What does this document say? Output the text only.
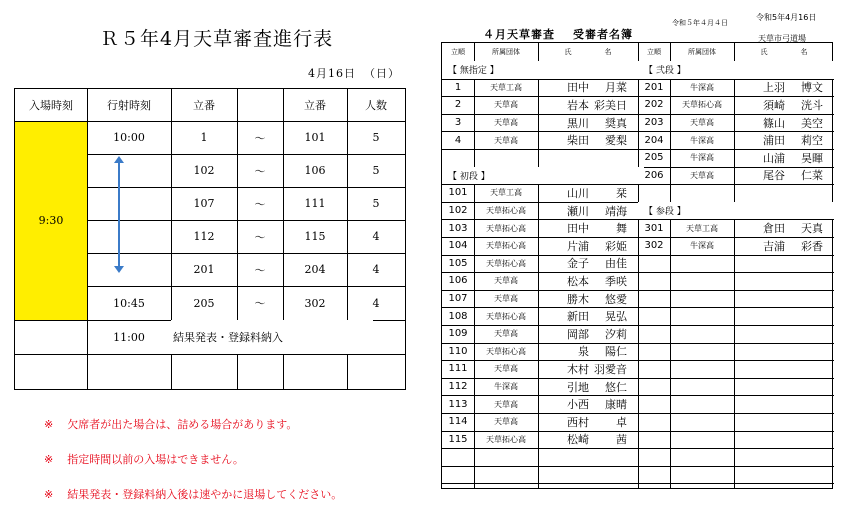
Ｒ５年4月天草審査進行表
4月16日 （日）
入場時刻	行射時刻	立番	立番	人数
9:30
10:00	1	～	101	5
102	～	106	5
107	～	111	5
112	～	115	4
201	～	204	4
10:45	205	～	302	4
11:00	結果発表・登録料納入
※ 欠席者が出た場合は、詰める場合があります。
※ 指定時間以前の入場はできません。
※ 結果発表・登録料納入後は速やかに退場してください。
４月天草審査 受審者名簿
令和５年４月４日
令和5年4月16日
天草市弓道場
立順	所属団体	氏	名	立順	所属団体	氏	名
【 無指定 】
1	天草工高	田中	月菜
2	天草高	岩本 彩美日
3	天草高	黒川	奨真
4	天草高	柴田	愛梨
【 初段 】
101	天草工高	山川	栞
102	天草拓心高	瀬川	靖海
103	天草拓心高	田中	舞
104	天草拓心高	片浦	彩姫
105	天草拓心高	金子	由佳
106	天草高	松本	季咲
107	天草高	勝木	悠愛
108	天草拓心高	新田	晃弘
109	天草高	岡部	汐莉
110	天草拓心高	泉	陽仁
111	天草高	木村 羽愛音
112	牛深高	引地	悠仁
113	天草高	小西	康晴
114	天草高	西村	卓
115	天草拓心高	松崎	茜
【 弐段 】
201	牛深高	上羽	博文
202	天草拓心高	須崎	洸斗
203	天草高	篠山	美空
204	牛深高	浦田	莉空
205	牛深高	山浦	昊暉
206	天草高	尾谷	仁菜
【 参段 】
301	天草工高	倉田	天真
302	牛深高	吉浦	彩香
